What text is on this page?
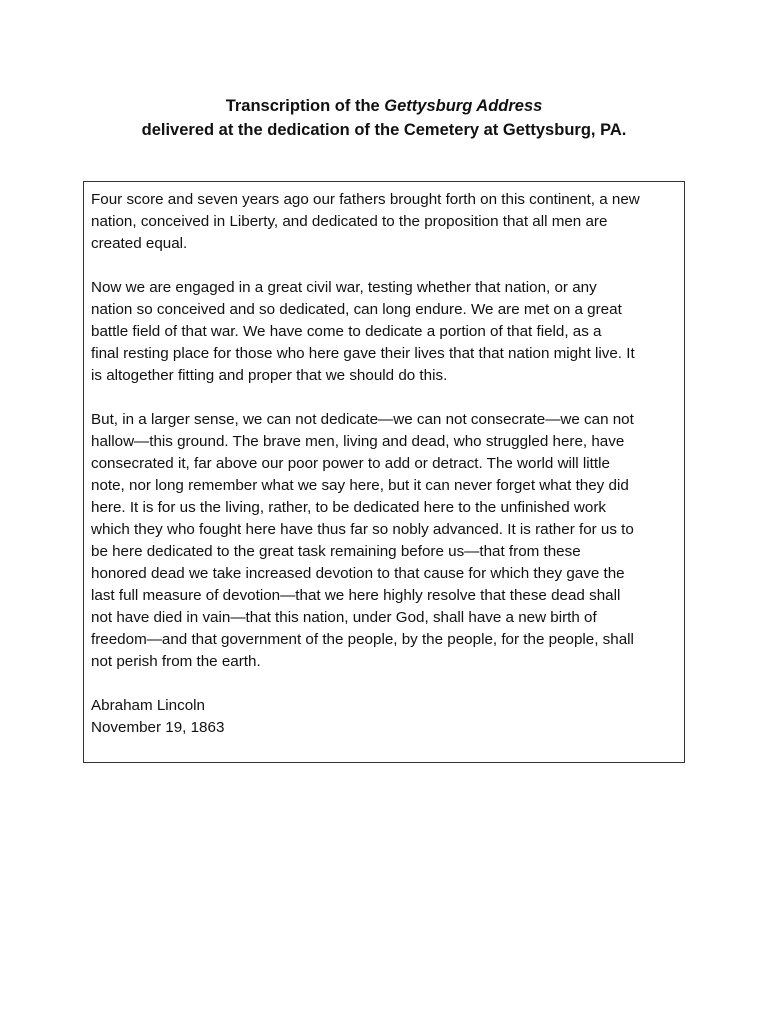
Transcription of the Gettysburg Address
delivered at the dedication of the Cemetery at Gettysburg, PA.
Four score and seven years ago our fathers brought forth on this continent, a new
nation, conceived in Liberty, and dedicated to the proposition that all men are
created equal.
Now we are engaged in a great civil war, testing whether that nation, or any
nation so conceived and so dedicated, can long endure. We are met on a great
battle field of that war. We have come to dedicate a portion of that field, as a
final resting place for those who here gave their lives that that nation might live. It
is altogether fitting and proper that we should do this.
But, in a larger sense, we can not dedicate—we can not consecrate—we can not
hallow—this ground. The brave men, living and dead, who struggled here, have
consecrated it, far above our poor power to add or detract. The world will little
note, nor long remember what we say here, but it can never forget what they did
here. It is for us the living, rather, to be dedicated here to the unfinished work
which they who fought here have thus far so nobly advanced. It is rather for us to
be here dedicated to the great task remaining before us—that from these
honored dead we take increased devotion to that cause for which they gave the
last full measure of devotion—that we here highly resolve that these dead shall
not have died in vain—that this nation, under God, shall have a new birth of
freedom—and that government of the people, by the people, for the people, shall
not perish from the earth.
Abraham Lincoln
November 19, 1863
